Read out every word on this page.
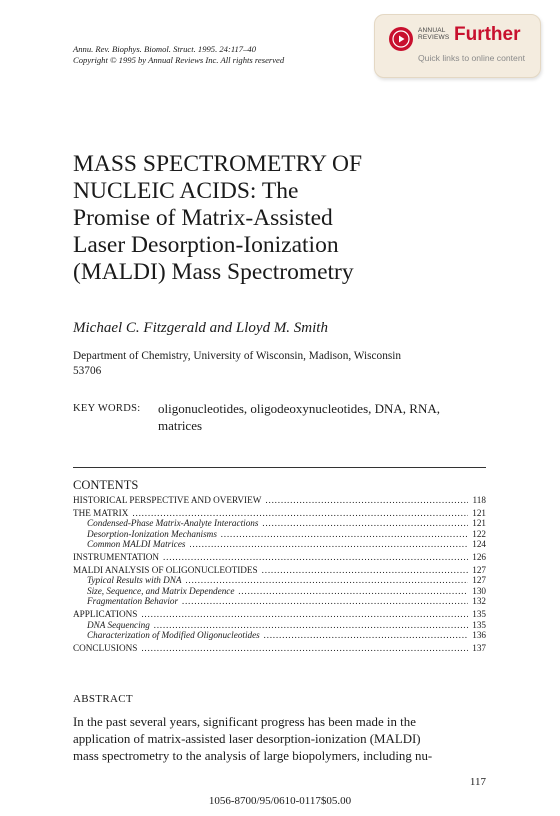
Annu. Rev. Biophys. Biomol. Struct. 1995. 24:117–40
Copyright © 1995 by Annual Reviews Inc. All rights reserved
ANNUAL
REVIEWS Further
Quick links to online content
MASS SPECTROMETRY OF
NUCLEIC ACIDS: The
Promise of Matrix-Assisted
Laser Desorption-Ionization
(MALDI) Mass Spectrometry
Michael C. Fitzgerald and Lloyd M. Smith
Department of Chemistry, University of Wisconsin, Madison, Wisconsin
53706
KEY WORDS: oligonucleotides, oligodeoxynucleotides, DNA, RNA,
matrices
CONTENTS
HISTORICAL PERSPECTIVE AND OVERVIEW .....	118
THE MATRIX .....	121
Condensed-Phase Matrix-Analyte Interactions .....	121
Desorption-Ionization Mechanisms .....	122
Common MALDI Matrices .....	124
INSTRUMENTATION .....	126
MALDI ANALYSIS OF OLIGONUCLEOTIDES .....	127
Typical Results with DNA .....	127
Size, Sequence, and Matrix Dependence .....	130
Fragmentation Behavior .....	132
APPLICATIONS .....	135
DNA Sequencing .....	135
Characterization of Modified Oligonucleotides .....	136
CONCLUSIONS .....	137
ABSTRACT
In the past several years, significant progress has been made in the
application of matrix-assisted laser desorption-ionization (MALDI)
mass spectrometry to the analysis of large biopolymers, including nu-
117
1056-8700/95/0610-0117$05.00
